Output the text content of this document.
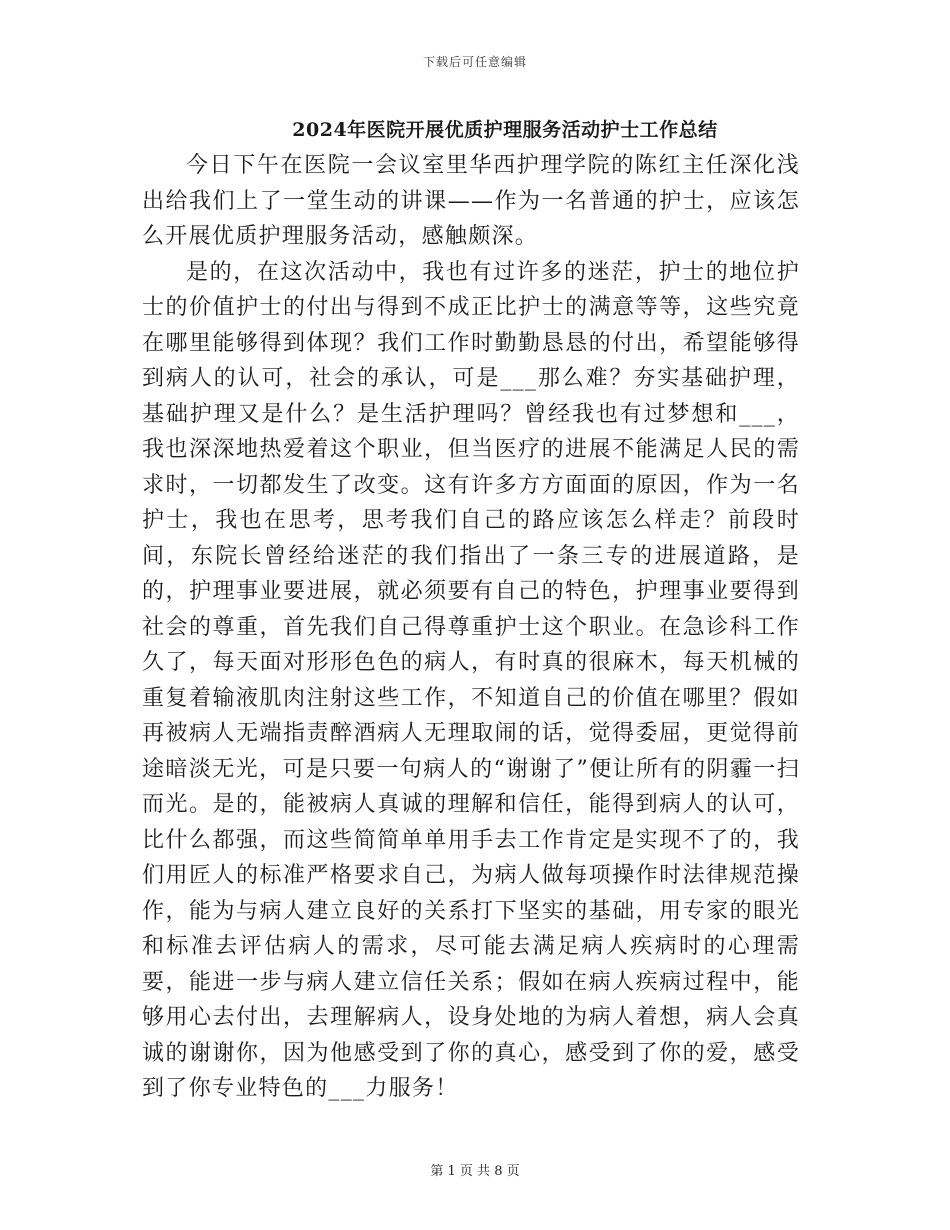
下载后可任意编辑
2024年医院开展优质护理服务活动护士工作总结

今日下午在医院一会议室里华西护理学院的陈红主任深化浅出给我们上了一堂生动的讲课——作为一名普通的护士，应该怎么开展优质护理服务活动，感触颇深。

是的，在这次活动中，我也有过许多的迷茫，护士的地位护士的价值护士的付出与得到不成正比护士的满意等等，这些究竟在哪里能够得到体现？我们工作时勤勤恳恳的付出，希望能够得到病人的认可，社会的承认，可是___那么难？夯实基础护理，基础护理又是什么？是生活护理吗？曾经我也有过梦想和___，我也深深地热爱着这个职业，但当医疗的进展不能满足人民的需求时，一切都发生了改变。这有许多方方面面的原因，作为一名护士，我也在思考，思考我们自己的路应该怎么样走？前段时间，东院长曾经给迷茫的我们指出了一条三专的进展道路，是的，护理事业要进展，就必须要有自己的特色，护理事业要得到社会的尊重，首先我们自己得尊重护士这个职业。在急诊科工作久了，每天面对形形色色的病人，有时真的很麻木，每天机械的重复着输液肌肉注射这些工作，不知道自己的价值在哪里？假如再被病人无端指责醉酒病人无理取闹的话，觉得委屈，更觉得前途暗淡无光，可是只要一句病人的“谢谢了”便让所有的阴霾一扫而光。是的，能被病人真诚的理解和信任，能得到病人的认可，比什么都强，而这些简简单单用手去工作肯定是实现不了的，我们用匠人的标准严格要求自己，为病人做每项操作时法律规范操作，能为与病人建立良好的关系打下坚实的基础，用专家的眼光和标准去评估病人的需求，尽可能去满足病人疾病时的心理需要，能进一步与病人建立信任关系；假如在病人疾病过程中，能够用心去付出，去理解病人，设身处地的为病人着想，病人会真诚的谢谢你，因为他感受到了你的真心，感受到了你的爱，感受到了你专业特色的___力服务！

第 1 页 共 8 页
